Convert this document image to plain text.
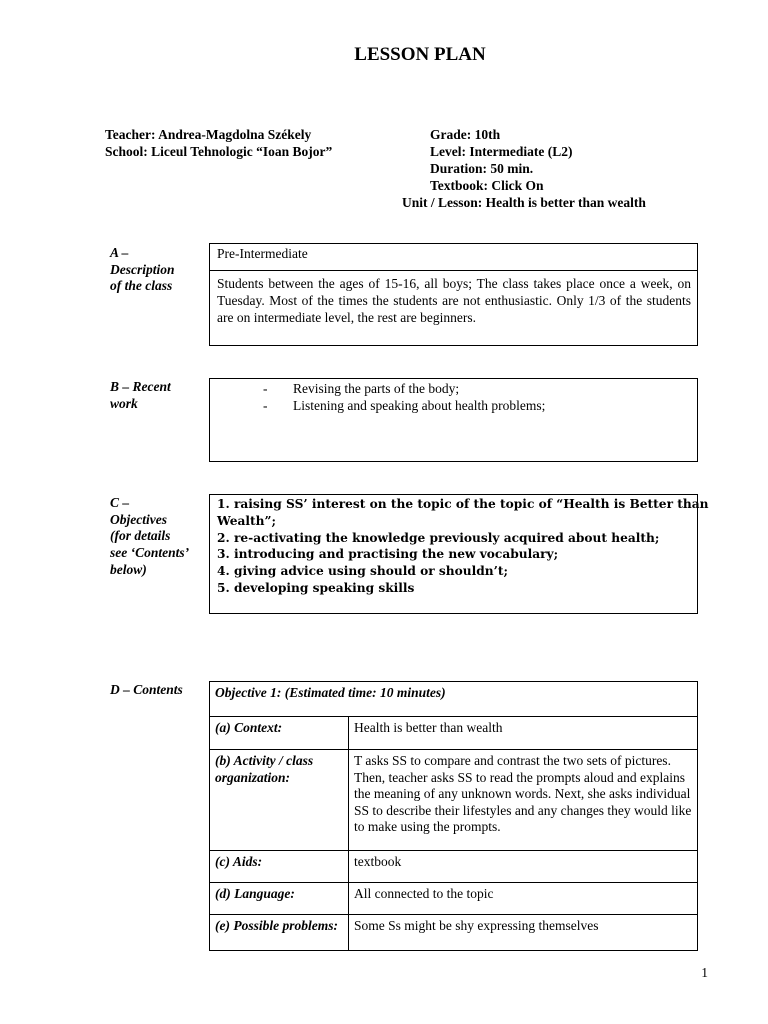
LESSON PLAN
Teacher: Andrea-Magdolna Székely
School: Liceul Tehnologic “Ioan Bojor”
Grade: 10th
Level: Intermediate (L2)
Duration: 50 min.
Textbook: Click On
Unit / Lesson: Health is better than wealth
A –
Description
of the class
Pre-Intermediate
Students between the ages of 15-16, all boys; The class takes place once a week, on Tuesday. Most of the times the students are not enthusiastic. Only 1/3 of the students are on intermediate level, the rest are beginners.
B – Recent
work
- Revising the parts of the body;
- Listening and speaking about health problems;
C –
Objectives
(for details
see ‘Contents’
below)
1. raising SS’ interest on the topic of the topic of “Health is Better than
Wealth”;
2. re-activating the knowledge previously acquired about health;
3. introducing and practising the new vocabulary;
4. giving advice using should or shouldn’t;
5. developing speaking skills
D – Contents Objective 1: (Estimated time: 10 minutes)	
(a) Context:	Health is better than wealth
(b) Activity / class organization:	T asks SS to compare and contrast the two sets of pictures. Then, teacher asks SS to read the prompts aloud and explains the meaning of any unknown words. Next, she asks individual SS to describe their lifestyles and any changes they would like to make using the prompts.
(c) Aids:	textbook
(d) Language:	All connected to the topic
(e) Possible problems:	Some Ss might be shy expressing themselves
1
